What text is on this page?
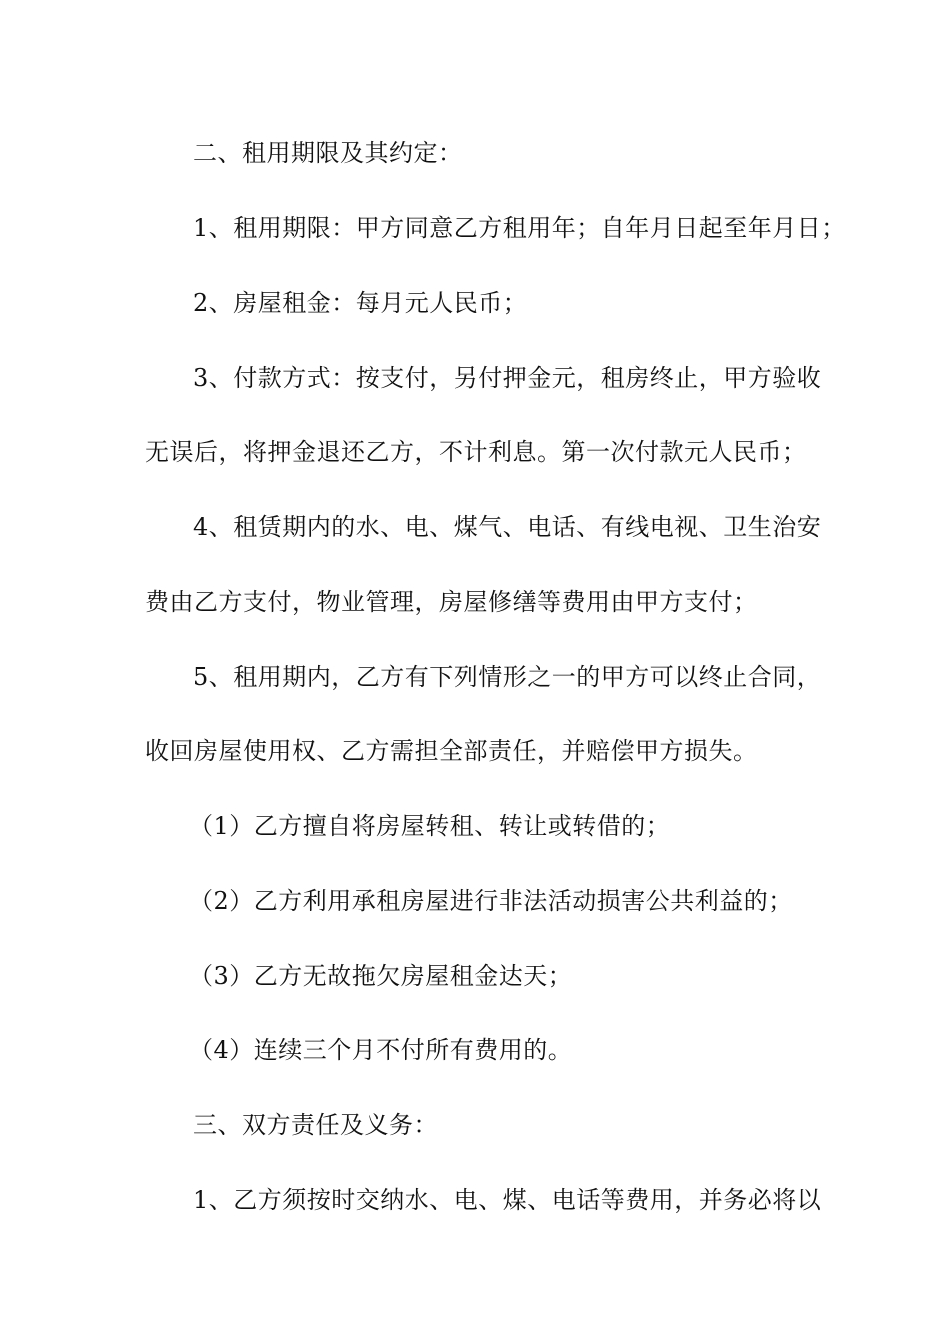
二、租用期限及其约定：
1、租用期限：甲方同意乙方租用年；自年月日起至年月日；
2、房屋租金：每月元人民币；
3、付款方式：按支付，另付押金元，租房终止，甲方验收
无误后，将押金退还乙方，不计利息。第一次付款元人民币；
4、租赁期内的水、电、煤气、电话、有线电视、卫生治安
费由乙方支付，物业管理，房屋修缮等费用由甲方支付；
5、租用期内，乙方有下列情形之一的甲方可以终止合同，
收回房屋使用权、乙方需担全部责任，并赔偿甲方损失。
（1）乙方擅自将房屋转租、转让或转借的；
（2）乙方利用承租房屋进行非法活动损害公共利益的；
（3）乙方无故拖欠房屋租金达天；
（4）连续三个月不付所有费用的。
三、双方责任及义务：
1、乙方须按时交纳水、电、煤、电话等费用，并务必将以
